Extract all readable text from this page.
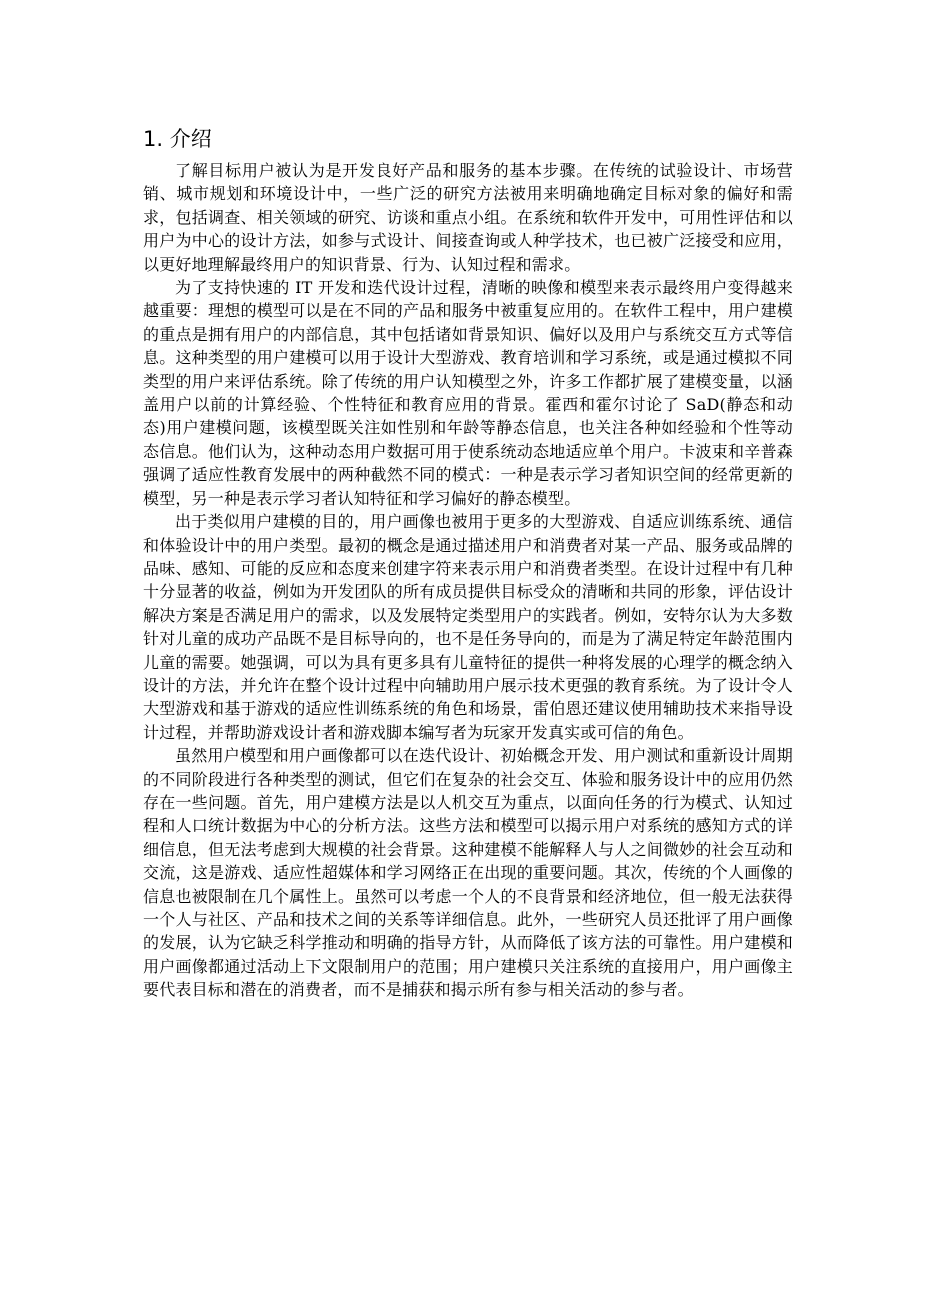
1. 介绍

了解目标用户被认为是开发良好产品和服务的基本步骤。在传统的试验设计、市场营销、城市规划和环境设计中，一些广泛的研究方法被用来明确地确定目标对象的偏好和需求，包括调查、相关领域的研究、访谈和重点小组。在系统和软件开发中，可用性评估和以用户为中心的设计方法，如参与式设计、间接查询或人种学技术，也已被广泛接受和应用，以更好地理解最终用户的知识背景、行为、认知过程和需求。

为了支持快速的 IT 开发和迭代设计过程，清晰的映像和模型来表示最终用户变得越来越重要：理想的模型可以是在不同的产品和服务中被重复应用的。在软件工程中，用户建模的重点是拥有用户的内部信息，其中包括诸如背景知识、偏好以及用户与系统交互方式等信息。这种类型的用户建模可以用于设计大型游戏、教育培训和学习系统，或是通过模拟不同类型的用户来评估系统。除了传统的用户认知模型之外，许多工作都扩展了建模变量，以涵盖用户以前的计算经验、个性特征和教育应用的背景。霍西和霍尔讨论了 SaD(静态和动态)用户建模问题，该模型既关注如性别和年龄等静态信息，也关注各种如经验和个性等动态信息。他们认为，这种动态用户数据可用于使系统动态地适应单个用户。卡波束和辛普森强调了适应性教育发展中的两种截然不同的模式：一种是表示学习者知识空间的经常更新的模型，另一种是表示学习者认知特征和学习偏好的静态模型。

出于类似用户建模的目的，用户画像也被用于更多的大型游戏、自适应训练系统、通信和体验设计中的用户类型。最初的概念是通过描述用户和消费者对某一产品、服务或品牌的品味、感知、可能的反应和态度来创建字符来表示用户和消费者类型。在设计过程中有几种十分显著的收益，例如为开发团队的所有成员提供目标受众的清晰和共同的形象，评估设计解决方案是否满足用户的需求，以及发展特定类型用户的实践者。例如，安特尔认为大多数针对儿童的成功产品既不是目标导向的，也不是任务导向的，而是为了满足特定年龄范围内儿童的需要。她强调，可以为具有更多具有儿童特征的提供一种将发展的心理学的概念纳入设计的方法，并允许在整个设计过程中向辅助用户展示技术更强的教育系统。为了设计令人大型游戏和基于游戏的适应性训练系统的角色和场景，雷伯恩还建议使用辅助技术来指导设计过程，并帮助游戏设计者和游戏脚本编写者为玩家开发真实或可信的角色。

虽然用户模型和用户画像都可以在迭代设计、初始概念开发、用户测试和重新设计周期的不同阶段进行各种类型的测试，但它们在复杂的社会交互、体验和服务设计中的应用仍然存在一些问题。首先，用户建模方法是以人机交互为重点，以面向任务的行为模式、认知过程和人口统计数据为中心的分析方法。这些方法和模型可以揭示用户对系统的感知方式的详细信息，但无法考虑到大规模的社会背景。这种建模不能解释人与人之间微妙的社会互动和交流，这是游戏、适应性超媒体和学习网络正在出现的重要问题。其次，传统的个人画像的信息也被限制在几个属性上。虽然可以考虑一个人的不良背景和经济地位，但一般无法获得一个人与社区、产品和技术之间的关系等详细信息。此外，一些研究人员还批评了用户画像的发展，认为它缺乏科学推动和明确的指导方针，从而降低了该方法的可靠性。用户建模和用户画像都通过活动上下文限制用户的范围；用户建模只关注系统的直接用户，用户画像主要代表目标和潜在的消费者，而不是捕获和揭示所有参与相关活动的参与者。
